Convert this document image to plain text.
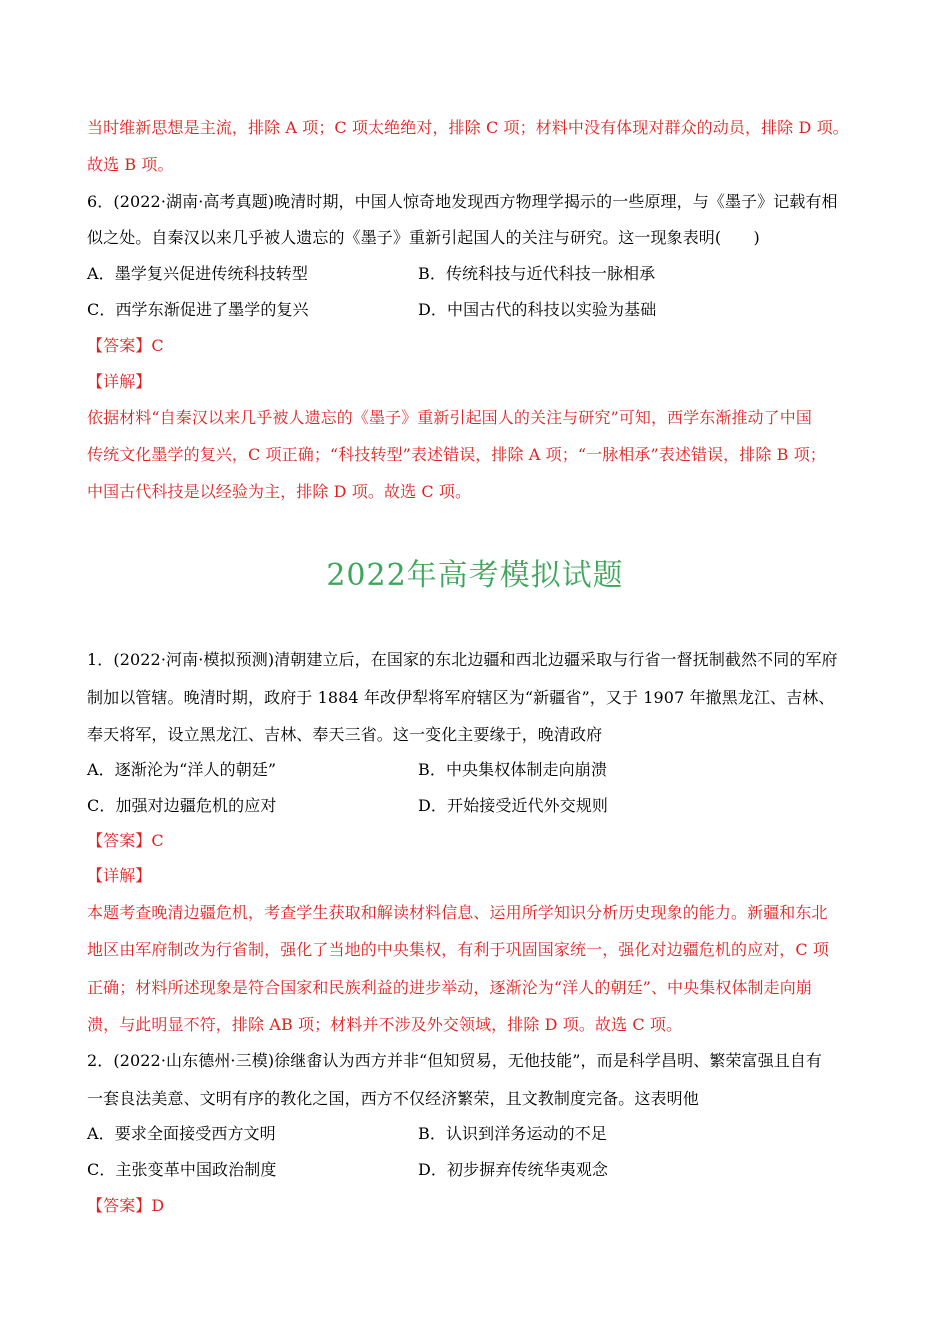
当时维新思想是主流，排除 A 项；C 项太绝绝对，排除 C 项；材料中没有体现对群众的动员，排除 D 项。
故选 B 项。
6．(2022·湖南·高考真题)晚清时期，中国人惊奇地发现西方物理学揭示的一些原理，与《墨子》记载有相
似之处。自秦汉以来几乎被人遗忘的《墨子》重新引起国人的关注与研究。这一现象表明(　　)
A．墨学复兴促进传统科技转型	B．传统科技与近代科技一脉相承
C．西学东渐促进了墨学的复兴	D．中国古代的科技以实验为基础
【答案】C
【详解】
依据材料“自秦汉以来几乎被人遗忘的《墨子》重新引起国人的关注与研究”可知，西学东渐推动了中国
传统文化墨学的复兴，C 项正确；“科技转型”表述错误，排除 A 项；“一脉相承”表述错误，排除 B 项；
中国古代科技是以经验为主，排除 D 项。故选 C 项。
2022年高考模拟试题
1．(2022·河南·模拟预测)清朝建立后，在国家的东北边疆和西北边疆采取与行省一督抚制截然不同的军府
制加以管辖。晚清时期，政府于 1884 年改伊犁将军府辖区为“新疆省”，又于 1907 年撤黑龙江、吉林、
奉天将军，设立黑龙江、吉林、奉天三省。这一变化主要缘于，晚清政府
A．逐渐沦为“洋人的朝廷”	B．中央集权体制走向崩溃
C．加强对边疆危机的应对	D．开始接受近代外交规则
【答案】C
【详解】
本题考查晚清边疆危机，考查学生获取和解读材料信息、运用所学知识分析历史现象的能力。新疆和东北
地区由军府制改为行省制，强化了当地的中央集权，有利于巩固国家统一，强化对边疆危机的应对，C 项
正确；材料所述现象是符合国家和民族利益的进步举动，逐渐沦为“洋人的朝廷”、中央集权体制走向崩
溃，与此明显不符，排除 AB 项；材料并不涉及外交领域，排除 D 项。故选 C 项。
2．(2022·山东德州·三模)徐继畬认为西方并非“但知贸易，无他技能”，而是科学昌明、繁荣富强且自有
一套良法美意、文明有序的教化之国，西方不仅经济繁荣，且文教制度完备。这表明他
A．要求全面接受西方文明	B．认识到洋务运动的不足
C．主张变革中国政治制度	D．初步摒弃传统华夷观念
【答案】D
